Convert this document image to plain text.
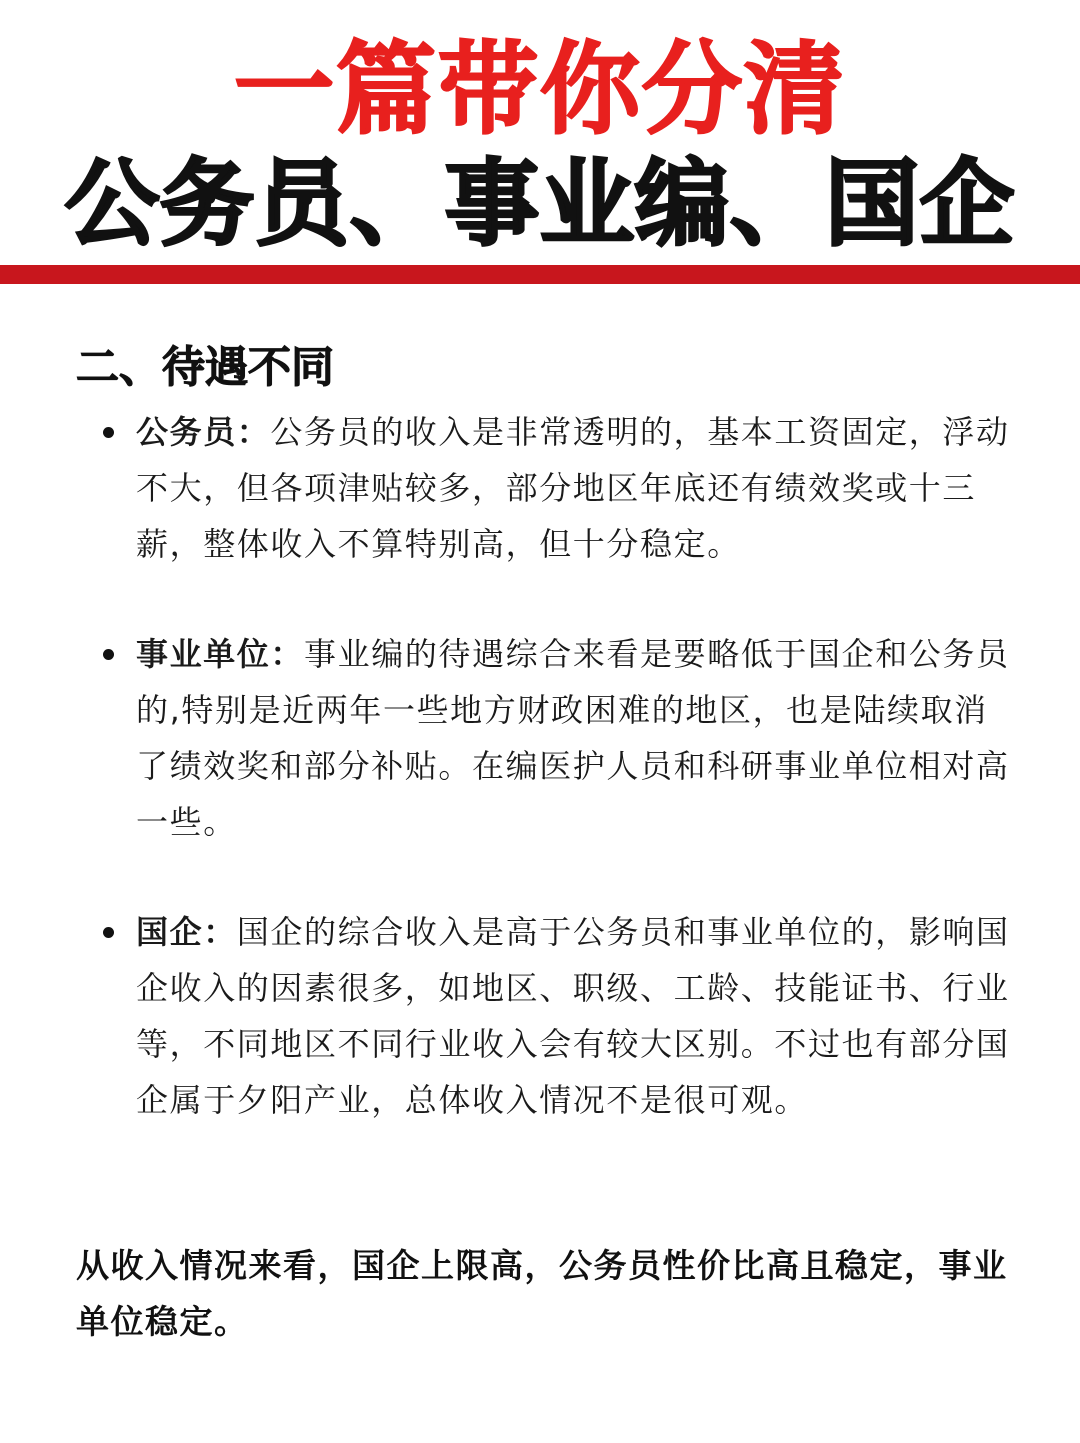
一篇带你分清
公务员、事业编、国企
二、待遇不同
公务员：公务员的收入是非常透明的，基本工资固定，浮动不大，但各项津贴较多，部分地区年底还有绩效奖或十三薪，整体收入不算特别高，但十分稳定。
事业单位：事业编的待遇综合来看是要略低于国企和公务员的,特别是近两年一些地方财政困难的地区，也是陆续取消了绩效奖和部分补贴。在编医护人员和科研事业单位相对高一些。
国企：国企的综合收入是高于公务员和事业单位的，影响国企收入的因素很多，如地区、职级、工龄、技能证书、行业等，不同地区不同行业收入会有较大区别。不过也有部分国企属于夕阳产业，总体收入情况不是很可观。
从收入情况来看，国企上限高，公务员性价比高且稳定，事业单位稳定。
